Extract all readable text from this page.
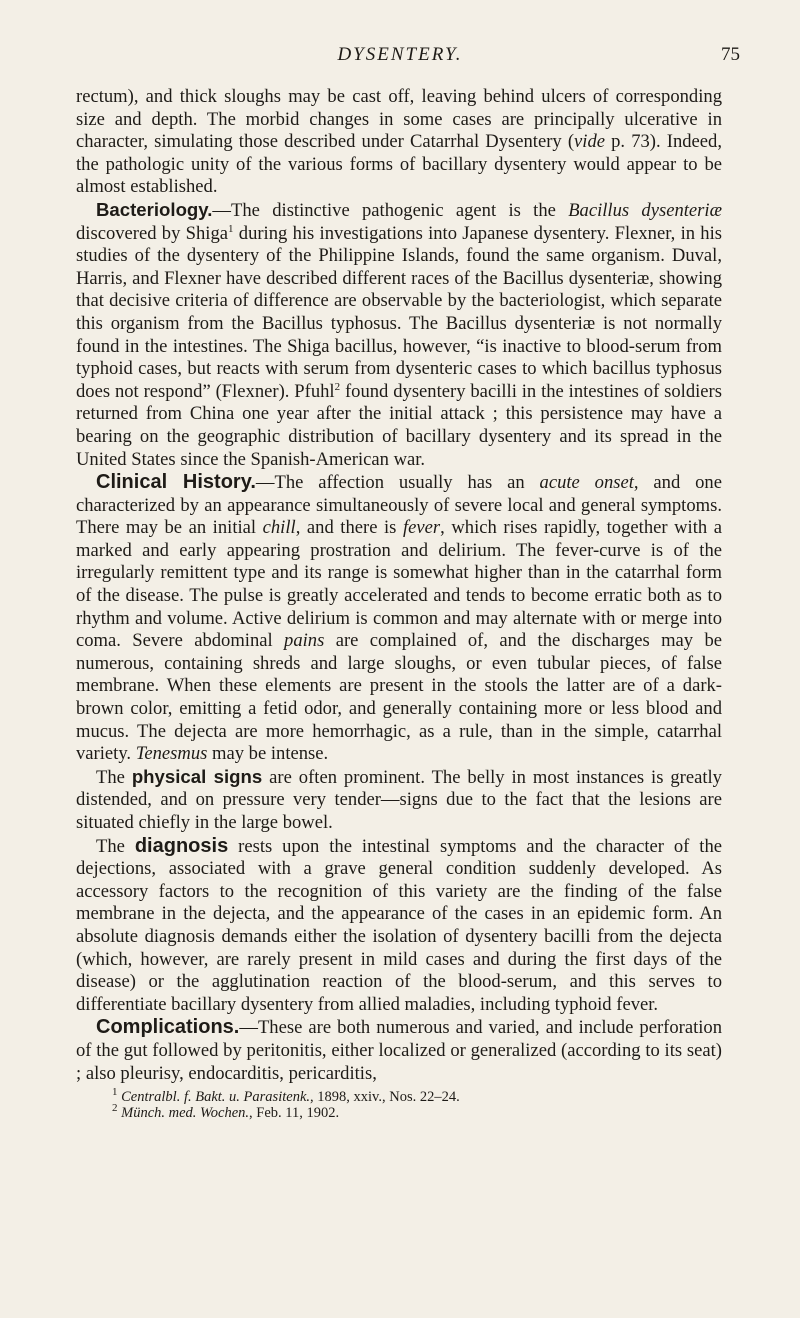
DYSENTERY.	75

rectum), and thick sloughs may be cast off, leaving behind ulcers of corresponding size and depth. The morbid changes in some cases are principally ulcerative in character, simulating those described under Catarrhal Dysentery (vide p. 73). Indeed, the pathologic unity of the various forms of bacillary dysentery would appear to be almost established.

Bacteriology.—The distinctive pathogenic agent is the Bacillus dysenteriæ discovered by Shiga$^1$ during his investigations into Japanese dysentery. Flexner, in his studies of the dysentery of the Philippine Islands, found the same organism. Duval, Harris, and Flexner have described different races of the Bacillus dysenteriæ, showing that decisive criteria of difference are observable by the bacteriologist, which separate this organism from the Bacillus typhosus. The Bacillus dysenteriæ is not normally found in the intestines. The Shiga bacillus, however, “is inactive to blood-serum from typhoid cases, but reacts with serum from dysenteric cases to which bacillus typhosus does not respond” (Flexner). Pfuhl$^2$ found dysentery bacilli in the intestines of soldiers returned from China one year after the initial attack ; this persistence may have a bearing on the geographic distribution of bacillary dysentery and its spread in the United States since the Spanish-American war.

Clinical History.—The affection usually has an acute onset, and one characterized by an appearance simultaneously of severe local and general symptoms. There may be an initial chill, and there is fever, which rises rapidly, together with a marked and early appearing prostration and delirium. The fever-curve is of the irregularly remittent type and its range is somewhat higher than in the catarrhal form of the disease. The pulse is greatly accelerated and tends to become erratic both as to rhythm and volume. Active delirium is common and may alternate with or merge into coma. Severe abdominal pains are complained of, and the discharges may be numerous, containing shreds and large sloughs, or even tubular pieces, of false membrane. When these elements are present in the stools the latter are of a dark-brown color, emitting a fetid odor, and generally containing more or less blood and mucus. The dejecta are more hemorrhagic, as a rule, than in the simple, catarrhal variety. Tenesmus may be intense.

The physical signs are often prominent. The belly in most instances is greatly distended, and on pressure very tender—signs due to the fact that the lesions are situated chiefly in the large bowel.

The diagnosis rests upon the intestinal symptoms and the character of the dejections, associated with a grave general condition suddenly developed. As accessory factors to the recognition of this variety are the finding of the false membrane in the dejecta, and the appearance of the cases in an epidemic form. An absolute diagnosis demands either the isolation of dysentery bacilli from the dejecta (which, however, are rarely present in mild cases and during the first days of the disease) or the agglutination reaction of the blood-serum, and this serves to differentiate bacillary dysentery from allied maladies, including typhoid fever.

Complications.—These are both numerous and varied, and include perforation of the gut followed by peritonitis, either localized or generalized (according to its seat) ; also pleurisy, endocarditis, pericarditis,

$^1$ Centralbl. f. Bakt. u. Parasitenk., 1898, xxiv., Nos. 22–24.
$^2$ Münch. med. Wochen., Feb. 11, 1902.
